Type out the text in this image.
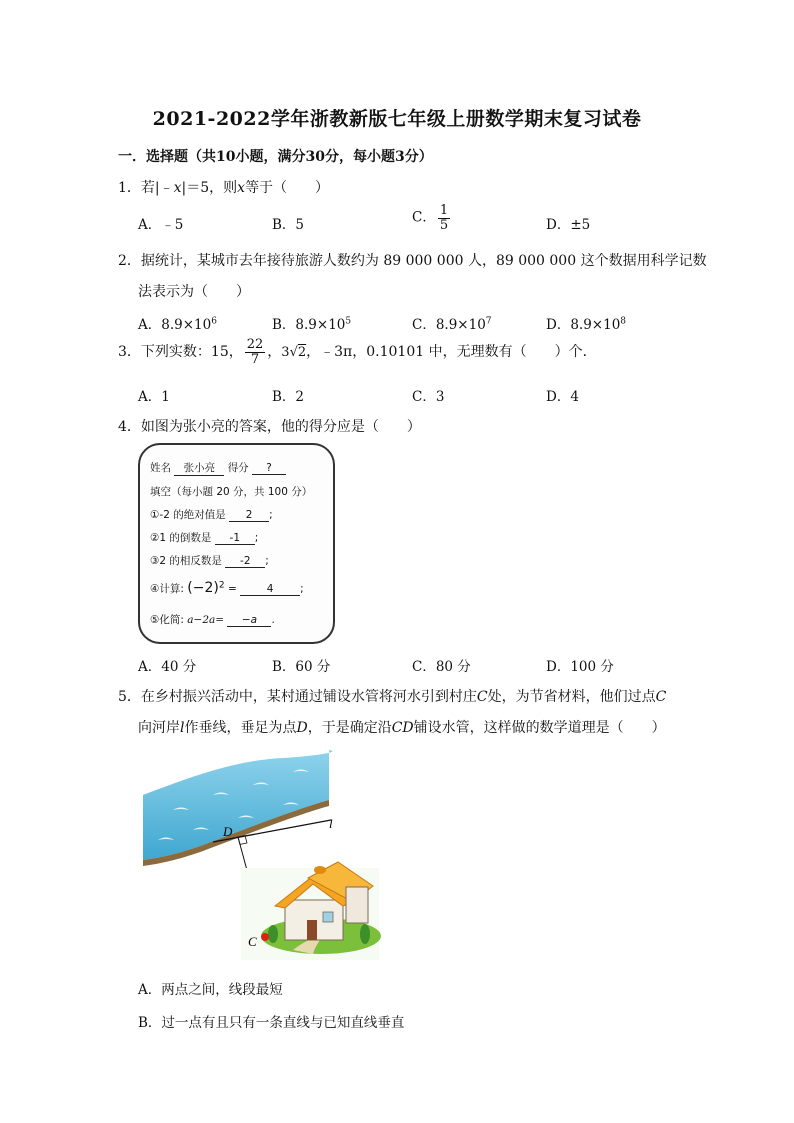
2021-2022学年浙教新版七年级上册数学期末复习试卷
一．选择题（共10小题，满分30分，每小题3分）
1．若|﹣x|＝5，则x等于（　　）
A．﹣5	B．5	C． $\frac{1}{5}$	D．±5
2．据统计，某城市去年接待旅游人数约为 89 000 000 人，89 000 000 这个数据用科学记数
法表示为（　　）
A．$8.9\times 10^6$	B．$8.9\times 10^5$	C．$8.9\times 10^7$	D．$8.9\times 10^8$
3．下列实数：15， $\frac{22}{7}$ ，3√2，﹣3π，0.10101 中，无理数有（　　）个．
A．1	B．2	C．3	D．4
4．如图为张小亮的答案，他的得分应是（　　）
姓名 张小亮 得分 ?
填空（每小题 20 分，共 100 分）
①-2 的绝对值是 2 ;
②1 的倒数是 -1 ;
③2 的相反数是 -2 ;
④计算: $(-2)^2$ =	4	;
⑤化简: a−2a= −a .
A．40 分	B．60 分	C．80 分	D．100 分
5．在乡村振兴活动中，某村通过铺设水管将河水引到村庄C处，为节省材料，他们过点C
向河岸l作垂线，垂足为点D，于是确定沿CD铺设水管，这样做的数学道理是（　　）
D
l
C
A．两点之间，线段最短
B．过一点有且只有一条直线与已知直线垂直
